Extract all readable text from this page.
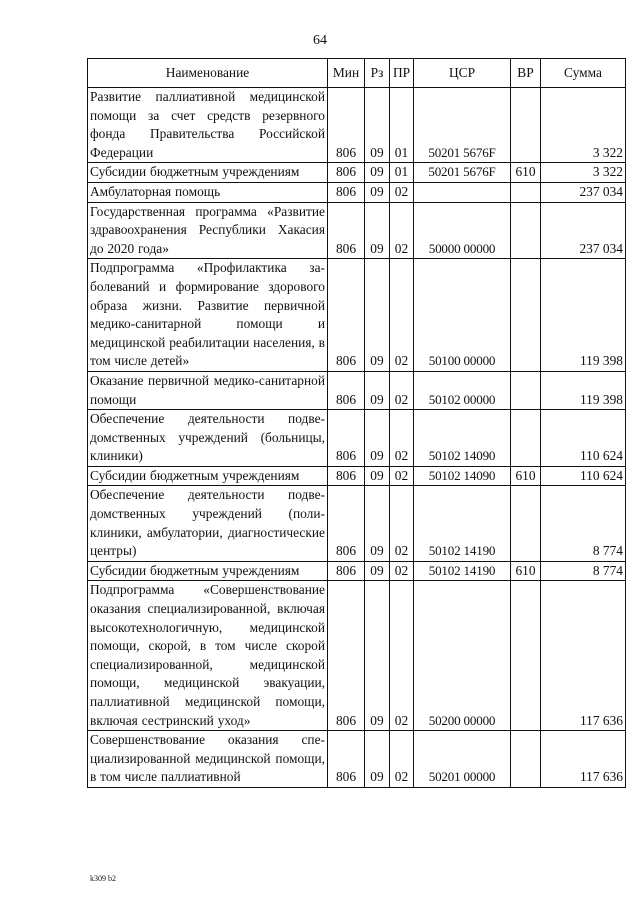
64
Наименование	Мин	Рз	ПР	ЦСР	ВР	Сумма
Развитие паллиативной медицинской помощи за счет средств резервного фонда Правительства Российской Федерации	806	09	01	50201 5676F		3 322
Субсидии бюджетным учреждениям	806	09	01	50201 5676F	610	3 322
Амбулаторная помощь	806	09	02			237 034
Государственная программа «Развитие здравоохранения Республики Хакасия до 2020 года»	806	09	02	50000 00000		237 034
Подпрограмма «Профилактика заболеваний и формирование здорового образа жизни. Развитие первичной медико-санитарной помощи и медицинской реабилитации населения, в том числе детей»	806	09	02	50100 00000		119 398
Оказание первичной медико-санитарной помощи	806	09	02	50102 00000		119 398
Обеспечение деятельности подведомственных учреждений (больницы, клиники)	806	09	02	50102 14090		110 624
Субсидии бюджетным учреждениям	806	09	02	50102 14090	610	110 624
Обеспечение деятельности подведомственных учреждений (поликлиники, амбулатории, диагностические центры)	806	09	02	50102 14190		8 774
Субсидии бюджетным учреждениям	806	09	02	50102 14190	610	8 774
Подпрограмма «Совершенствование оказания специализированной, включая высокотехнологичную, медицинской помощи, скорой, в том числе скорой специализированной, медицинской помощи, медицинской эвакуации, паллиативной медицинской помощи, включая сестринский уход»	806	09	02	50200 00000		117 636
Совершенствование оказания специализированной медицинской помощи, в том числе паллиативной	806	09	02	50201 00000		117 636
k309 b2
